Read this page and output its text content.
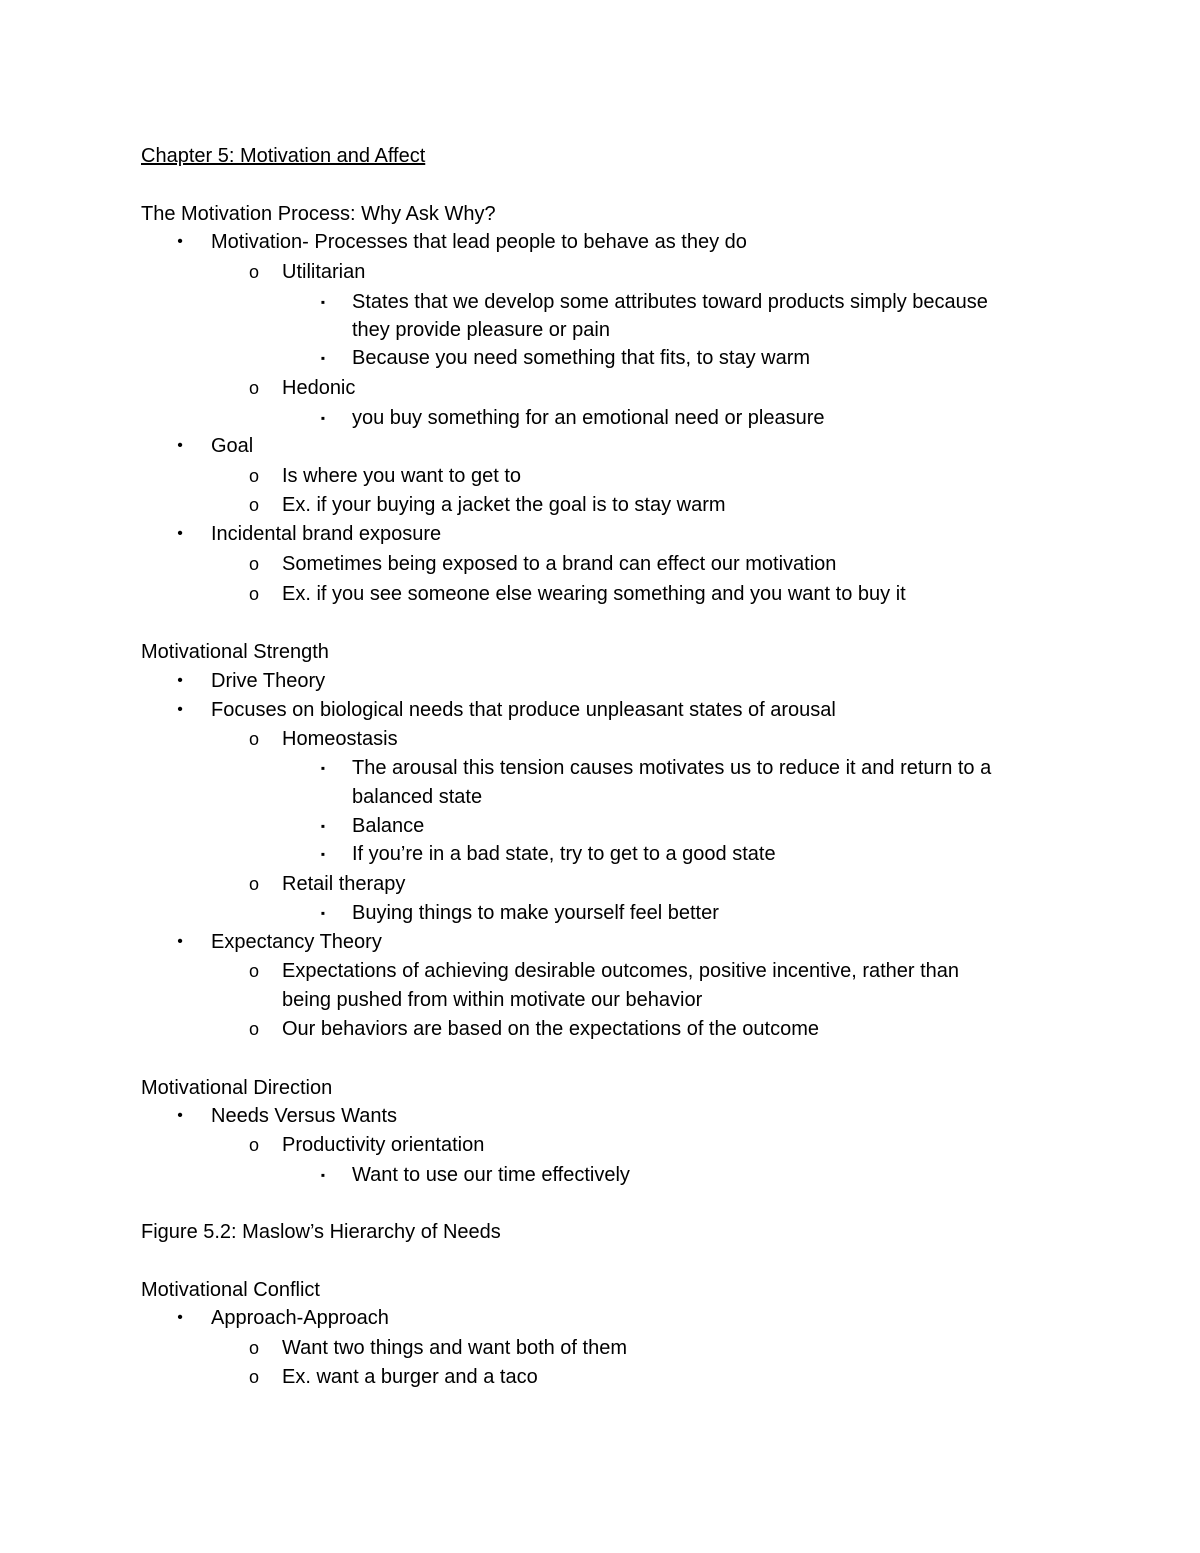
Chapter 5: Motivation and Affect
The Motivation Process: Why Ask Why?
•	Motivation- Processes that lead people to behave as they do
o Utilitarian
▪	States that we develop some attributes toward products simply because
they provide pleasure or pain
▪	Because you need something that fits, to stay warm
o Hedonic
▪	you buy something for an emotional need or pleasure
•	Goal
o Is where you want to get to
o Ex. if your buying a jacket the goal is to stay warm
•	Incidental brand exposure
o Sometimes being exposed to a brand can effect our motivation
o Ex. if you see someone else wearing something and you want to buy it
Motivational Strength
•	Drive Theory
•	Focuses on biological needs that produce unpleasant states of arousal
o Homeostasis
▪	The arousal this tension causes motivates us to reduce it and return to a
balanced state
▪	Balance
▪	If you’re in a bad state, try to get to a good state
o Retail therapy
▪	Buying things to make yourself feel better
•	Expectancy Theory
o Expectations of achieving desirable outcomes, positive incentive, rather than
being pushed from within motivate our behavior
o Our behaviors are based on the expectations of the outcome
Motivational Direction
•	Needs Versus Wants
o Productivity orientation
▪	Want to use our time effectively
Figure 5.2: Maslow’s Hierarchy of Needs
Motivational Conflict
•	Approach-Approach
o Want two things and want both of them
o Ex. want a burger and a taco
